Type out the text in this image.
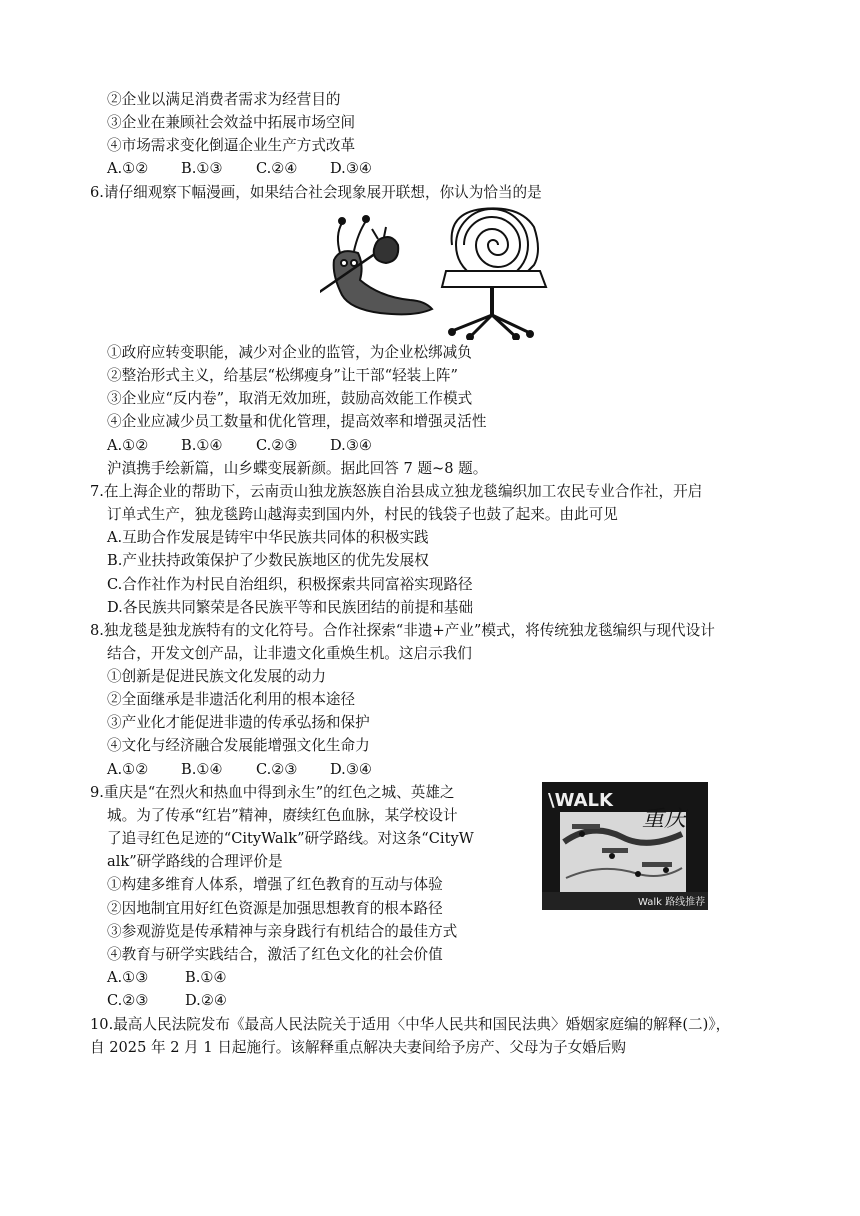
②企业以满足消费者需求为经营目的
③企业在兼顾社会效益中拓展市场空间
④市场需求变化倒逼企业生产方式改革
A.①② B.①③ C.②④ D.③④
6.请仔细观察下幅漫画，如果结合社会现象展开联想，你认为恰当的是
①政府应转变职能，减少对企业的监管，为企业松绑减负
②整治形式主义，给基层“松绑瘦身”让干部“轻装上阵”
③企业应“反内卷”，取消无效加班，鼓励高效能工作模式
④企业应减少员工数量和优化管理，提高效率和增强灵活性
A.①② B.①④ C.②③ D.③④
沪滇携手绘新篇，山乡蝶变展新颜。据此回答 7 题~8 题。
7.在上海企业的帮助下，云南贡山独龙族怒族自治县成立独龙毯编织加工农民专业合作社，开启
订单式生产，独龙毯跨山越海卖到国内外，村民的钱袋子也鼓了起来。由此可见
A.互助合作发展是铸牢中华民族共同体的积极实践
B.产业扶持政策保护了少数民族地区的优先发展权
C.合作社作为村民自治组织，积极探索共同富裕实现路径
D.各民族共同繁荣是各民族平等和民族团结的前提和基础
8.独龙毯是独龙族特有的文化符号。合作社探索“非遗+产业”模式，将传统独龙毯编织与现代设计
结合，开发文创产品，让非遗文化重焕生机。这启示我们
①创新是促进民族文化发展的动力
②全面继承是非遗活化利用的根本途径
③产业化才能促进非遗的传承弘扬和保护
④文化与经济融合发展能增强文化生命力
A.①② B.①④ C.②③ D.③④
9.重庆是“在烈火和热血中得到永生”的红色之城、英雄之
城。为了传承“红岩”精神，赓续红色血脉，某学校设计
了追寻红色足迹的“CityWalk”研学路线。对这条“CityW
alk”研学路线的合理评价是
①构建多维育人体系，增强了红色教育的互动与体验
②因地制宜用好红色资源是加强思想教育的根本路径
③参观游览是传承精神与亲身践行有机结合的最佳方式
④教育与研学实践结合，激活了红色文化的社会价值
A.①③	B.①④
C.②③	D.②④
\WALK
重庆
Walk 路线推荐
10.最高人民法院发布《最高人民法院关于适用〈中华人民共和国民法典〉婚姻家庭编的解释(二)》，
自 2025 年 2 月 1 日起施行。该解释重点解决夫妻间给予房产、父母为子女婚后购
